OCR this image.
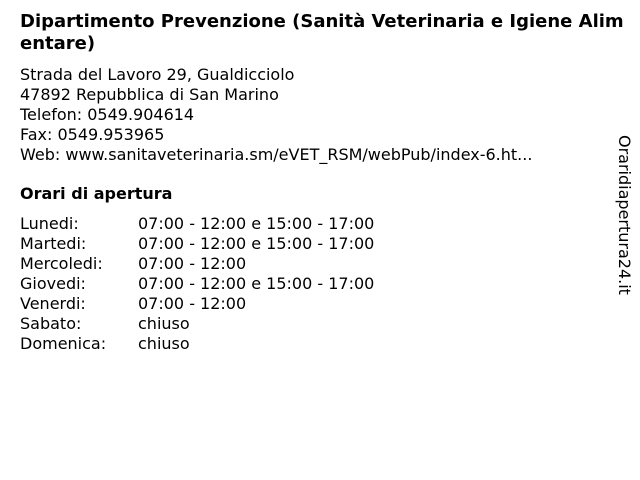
Dipartimento Prevenzione (Sanità Veterinaria e Igiene Alimentare)
Strada del Lavoro 29, Gualdicciolo
47892 Repubblica di San Marino
Telefon: 0549.904614
Fax: 0549.953965
Web: www.sanitaveterinaria.sm/eVET_RSM/webPub/index-6.ht...
Orari di apertura
Lunedi:	07:00 - 12:00 e 15:00 - 17:00
Martedi:	07:00 - 12:00 e 15:00 - 17:00
Mercoledi:	07:00 - 12:00
Giovedi:	07:00 - 12:00 e 15:00 - 17:00
Venerdi:	07:00 - 12:00
Sabato:	chiuso
Domenica:	chiuso
Oraridiapertura24.it
